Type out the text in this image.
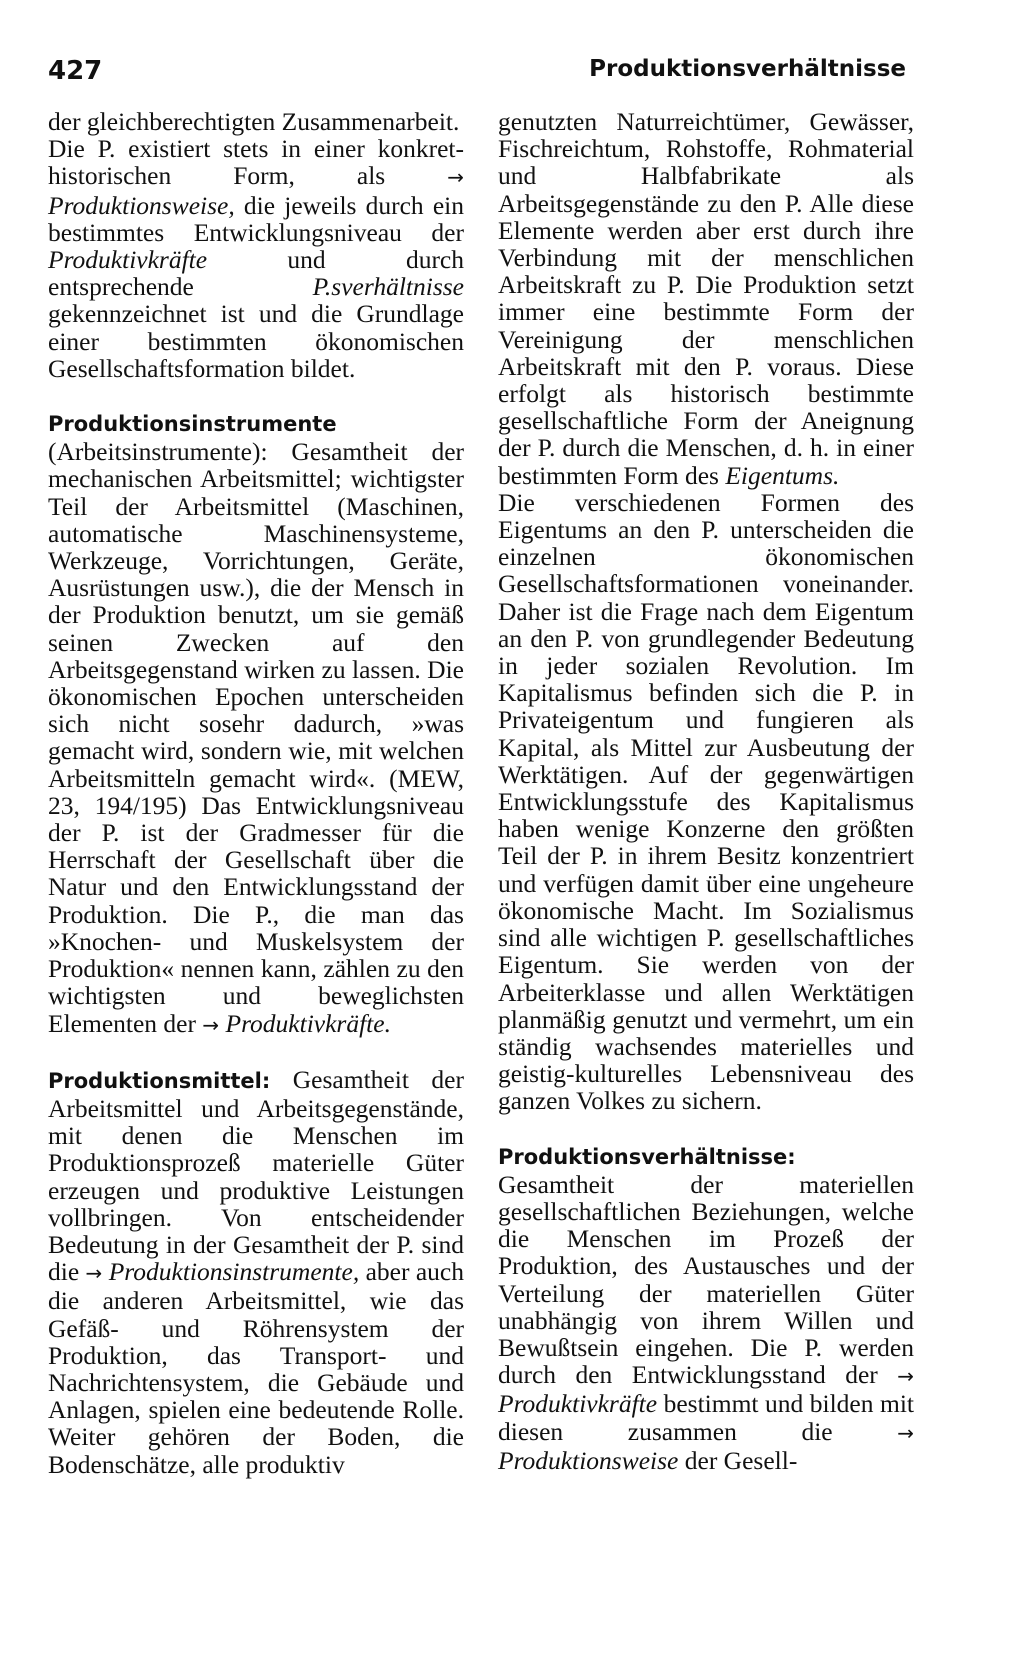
427	Produktionsverhältnisse

der gleichberechtigten Zusammenarbeit.

Die P. existiert stets in einer konkret-historischen Form, als	→ Produktionsweise, die jeweils durch ein bestimmtes Entwicklungsniveau der Produktivkräfte	und durch entsprechende	P.sverhältnisse gekennzeichnet ist und die Grundlage einer bestimmten ökonomischen Gesellschaftsformation bildet.

Produktionsinstrumente (Arbeitsinstrumente): Gesamtheit der mechanischen Arbeitsmittel; wichtigster Teil der Arbeitsmittel (Maschinen, automatische Maschinensysteme, Werkzeuge, Vorrichtungen, Geräte, Ausrüstungen usw.), die der Mensch in der Produktion benutzt, um sie gemäß seinen Zwecken auf den Arbeitsgegenstand wirken zu lassen. Die ökonomischen Epochen unterscheiden sich nicht sosehr dadurch, »was gemacht wird, sondern wie, mit welchen Arbeitsmitteln gemacht wird«. (MEW, 23, 194/195) Das Entwicklungsniveau der P. ist der Gradmesser für die Herrschaft der Gesellschaft über die Natur und den Entwicklungsstand der Produktion. Die P., die man das »Knochen- und Muskelsystem der Produktion« nennen kann, zählen zu den wichtigsten und beweglichsten Elementen der → Produktivkräfte.

Produktionsmittel: Gesamtheit der Arbeitsmittel und Arbeitsgegenstände, mit denen die Menschen im Produktionsprozeß materielle Güter erzeugen und produktive Leistungen vollbringen. Von entscheidender Bedeutung in der Gesamtheit der P. sind die → Produktionsinstrumente, aber auch die anderen Arbeitsmittel, wie das Gefäß- und Röhrensystem der Produktion, das Transport- und Nachrichtensystem, die Gebäude und Anlagen, spielen eine bedeutende Rolle. Weiter gehören der Boden, die Bodenschätze, alle produktiv

genutzten Naturreichtümer, Gewässer, Fischreichtum, Rohstoffe, Rohmaterial und Halbfabrikate als Arbeitsgegenstände zu den P. Alle diese Elemente werden aber erst durch ihre Verbindung mit der menschlichen Arbeitskraft zu P. Die Produktion setzt immer eine bestimmte Form der Vereinigung der menschlichen Arbeitskraft mit den P. voraus. Diese erfolgt als historisch bestimmte gesellschaftliche Form der Aneignung der P. durch die Menschen, d. h. in einer bestimmten Form des Eigentums.

Die verschiedenen Formen des Eigentums an den P. unterscheiden die einzelnen ökonomischen Gesellschaftsformationen voneinander. Daher ist die Frage nach dem Eigentum an den P. von grundlegender Bedeutung in jeder sozialen Revolution. Im Kapitalismus befinden sich die P. in Privateigentum und fungieren als Kapital, als Mittel zur Ausbeutung der Werktätigen. Auf der gegenwärtigen Entwicklungsstufe des Kapitalismus haben wenige Konzerne den größten Teil der P. in ihrem Besitz konzentriert und verfügen damit über eine ungeheure ökonomische Macht. Im Sozialismus sind alle wichtigen P. gesellschaftliches Eigentum. Sie werden von der Arbeiterklasse und allen Werktätigen planmäßig genutzt und vermehrt, um ein ständig wachsendes materielles und geistig-kulturelles Lebensniveau des ganzen Volkes zu sichern.

Produktionsverhältnisse: Gesamtheit der materiellen gesellschaftlichen Beziehungen, welche die Menschen im Prozeß der Produktion, des Austausches und der Verteilung der materiellen Güter unabhängig von ihrem Willen und Bewußtsein eingehen. Die P. werden durch den Entwicklungsstand der → Produktivkräfte bestimmt und bilden mit diesen zusammen die	→ Produktionsweise der Gesell-
